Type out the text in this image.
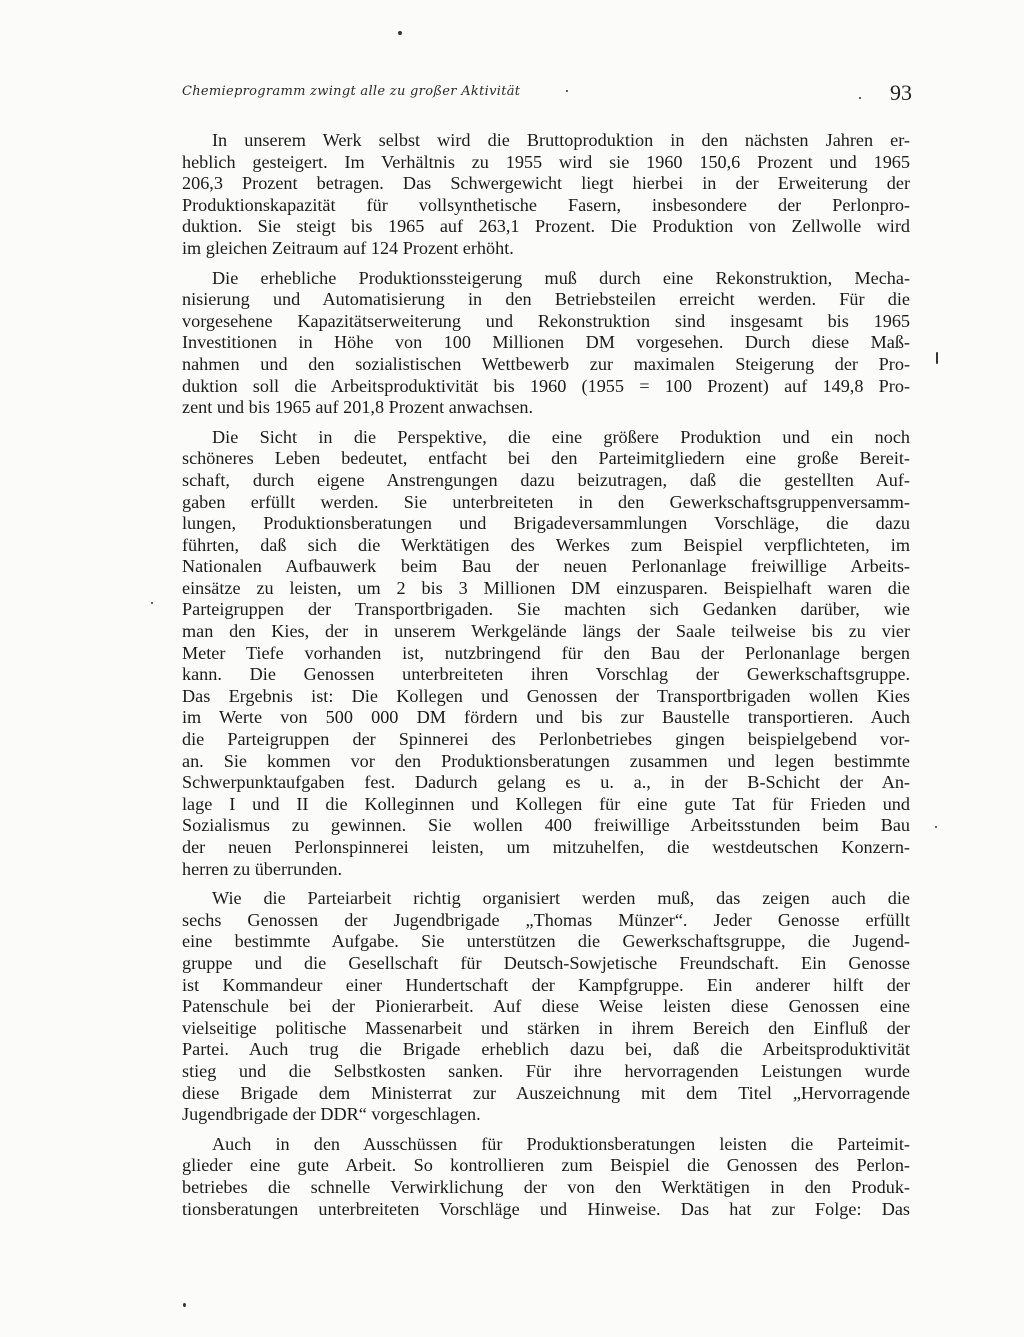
Chemieprogramm zwingt alle zu großer Aktivität	93
In unserem Werk selbst wird die Bruttoproduktion in den nächsten Jahren er-
heblich gesteigert. Im Verhältnis zu 1955 wird sie 1960 150,6 Prozent und 1965
206,3 Prozent betragen. Das Schwergewicht liegt hierbei in der Erweiterung der
Produktionskapazität für vollsynthetische Fasern, insbesondere der Perlonpro-
duktion. Sie steigt bis 1965 auf 263,1 Prozent. Die Produktion von Zellwolle wird
im gleichen Zeitraum auf 124 Prozent erhöht.
Die erhebliche Produktionssteigerung muß durch eine Rekonstruktion, Mecha-
nisierung und Automatisierung in den Betriebsteilen erreicht werden. Für die
vorgesehene Kapazitätserweiterung und Rekonstruktion sind insgesamt bis 1965
Investitionen in Höhe von 100 Millionen DM vorgesehen. Durch diese Maß-
nahmen und den sozialistischen Wettbewerb zur maximalen Steigerung der Pro-
duktion soll die Arbeitsproduktivität bis 1960 (1955 = 100 Prozent) auf 149,8 Pro-
zent und bis 1965 auf 201,8 Prozent anwachsen.
Die Sicht in die Perspektive, die eine größere Produktion und ein noch
schöneres Leben bedeutet, entfacht bei den Parteimitgliedern eine große Bereit-
schaft, durch eigene Anstrengungen dazu beizutragen, daß die gestellten Auf-
gaben erfüllt werden. Sie unterbreiteten in den Gewerkschaftsgruppenversamm-
lungen, Produktionsberatungen und Brigadeversammlungen Vorschläge, die dazu
führten, daß sich die Werktätigen des Werkes zum Beispiel verpflichteten, im
Nationalen Aufbauwerk beim Bau der neuen Perlonanlage freiwillige Arbeits-
einsätze zu leisten, um 2 bis 3 Millionen DM einzusparen. Beispielhaft waren die
Parteigruppen der Transportbrigaden. Sie machten sich Gedanken darüber, wie
man den Kies, der in unserem Werkgelände längs der Saale teilweise bis zu vier
Meter Tiefe vorhanden ist, nutzbringend für den Bau der Perlonanlage bergen
kann. Die Genossen unterbreiteten ihren Vorschlag der Gewerkschaftsgruppe.
Das Ergebnis ist: Die Kollegen und Genossen der Transportbrigaden wollen Kies
im Werte von 500 000 DM fördern und bis zur Baustelle transportieren. Auch
die Parteigruppen der Spinnerei des Perlonbetriebes gingen beispielgebend vor-
an. Sie kommen vor den Produktionsberatungen zusammen und legen bestimmte
Schwerpunktaufgaben fest. Dadurch gelang es u. a., in der B-Schicht der An-
lage I und II die Kolleginnen und Kollegen für eine gute Tat für Frieden und
Sozialismus zu gewinnen. Sie wollen 400 freiwillige Arbeitsstunden beim Bau
der neuen Perlonspinnerei leisten, um mitzuhelfen, die westdeutschen Konzern-
herren zu überrunden.
Wie die Parteiarbeit richtig organisiert werden muß, das zeigen auch die
sechs Genossen der Jugendbrigade „Thomas Münzer“. Jeder Genosse erfüllt
eine bestimmte Aufgabe. Sie unterstützen die Gewerkschaftsgruppe, die Jugend-
gruppe und die Gesellschaft für Deutsch-Sowjetische Freundschaft. Ein Genosse
ist Kommandeur einer Hundertschaft der Kampfgruppe. Ein anderer hilft der
Patenschule bei der Pionierarbeit. Auf diese Weise leisten diese Genossen eine
vielseitige politische Massenarbeit und stärken in ihrem Bereich den Einfluß der
Partei. Auch trug die Brigade erheblich dazu bei, daß die Arbeitsproduktivität
stieg und die Selbstkosten sanken. Für ihre hervorragenden Leistungen wurde
diese Brigade dem Ministerrat zur Auszeichnung mit dem Titel „Hervorragende
Jugendbrigade der DDR“ vorgeschlagen.
Auch in den Ausschüssen für Produktionsberatungen leisten die Parteimit-
glieder eine gute Arbeit. So kontrollieren zum Beispiel die Genossen des Perlon-
betriebes die schnelle Verwirklichung der von den Werktätigen in den Produk-
tionsberatungen unterbreiteten Vorschläge und Hinweise. Das hat zur Folge: Das
